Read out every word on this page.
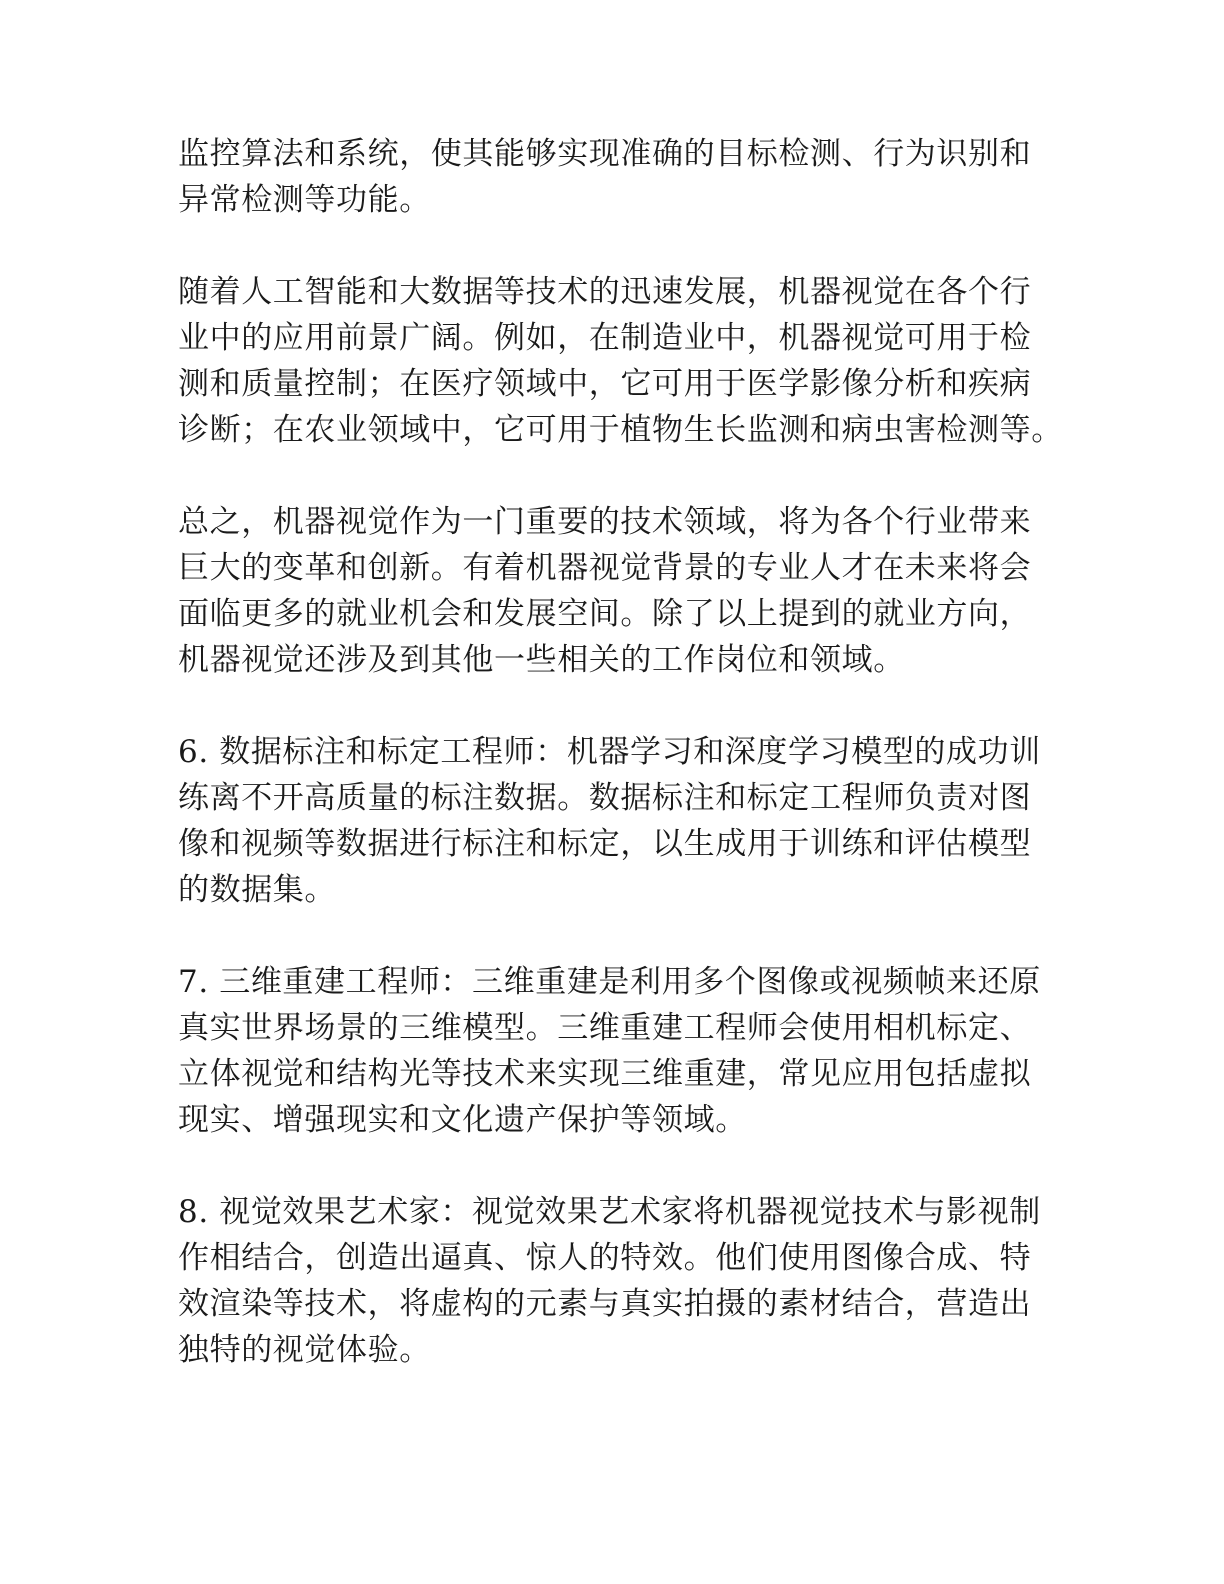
监控算法和系统，使其能够实现准确的目标检测、行为识别和
异常检测等功能。

随着人工智能和大数据等技术的迅速发展，机器视觉在各个行
业中的应用前景广阔。例如，在制造业中，机器视觉可用于检
测和质量控制；在医疗领域中，它可用于医学影像分析和疾病
诊断；在农业领域中，它可用于植物生长监测和病虫害检测等。

总之，机器视觉作为一门重要的技术领域，将为各个行业带来
巨大的变革和创新。有着机器视觉背景的专业人才在未来将会
面临更多的就业机会和发展空间。除了以上提到的就业方向，
机器视觉还涉及到其他一些相关的工作岗位和领域。

6. 数据标注和标定工程师：机器学习和深度学习模型的成功训
练离不开高质量的标注数据。数据标注和标定工程师负责对图
像和视频等数据进行标注和标定，以生成用于训练和评估模型
的数据集。

7. 三维重建工程师：三维重建是利用多个图像或视频帧来还原
真实世界场景的三维模型。三维重建工程师会使用相机标定、
立体视觉和结构光等技术来实现三维重建，常见应用包括虚拟
现实、增强现实和文化遗产保护等领域。

8. 视觉效果艺术家：视觉效果艺术家将机器视觉技术与影视制
作相结合，创造出逼真、惊人的特效。他们使用图像合成、特
效渲染等技术，将虚构的元素与真实拍摄的素材结合，营造出
独特的视觉体验。
